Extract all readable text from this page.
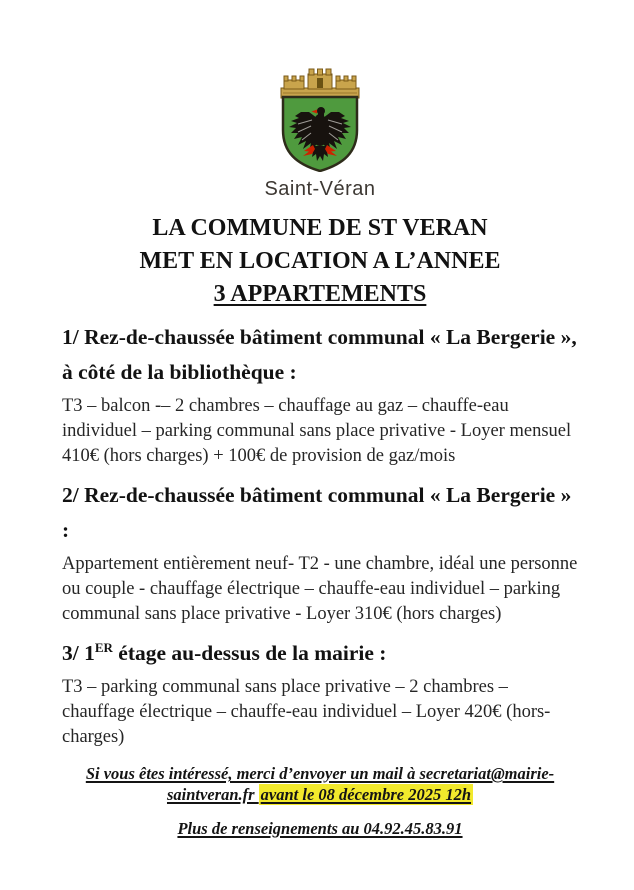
Saint-Véran
LA COMMUNE DE ST VERAN
MET EN LOCATION A L’ANNEE
3 APPARTEMENTS
1/ Rez-de-chaussée bâtiment communal « La Bergerie », à côté de la bibliothèque :

T3 – balcon -– 2 chambres – chauffage au gaz – chauffe-eau individuel – parking communal sans place privative - Loyer mensuel 410€ (hors charges) + 100€ de provision de gaz/mois

2/ Rez-de-chaussée bâtiment communal « La Bergerie » :

Appartement entièrement neuf- T2 - une chambre, idéal une personne ou couple - chauffage électrique – chauffe-eau individuel – parking communal sans place privative - Loyer 310€ (hors charges)

3/ 1ER étage au-dessus de la mairie :

T3 – parking communal sans place privative – 2 chambres – chauffage électrique – chauffe-eau individuel – Loyer 420€ (hors-charges)

Si vous êtes intéressé, merci d’envoyer un mail à secretariat@mairie-
saintveran.fr avant le 08 décembre 2025 12h
Plus de renseignements au 04.92.45.83.91
